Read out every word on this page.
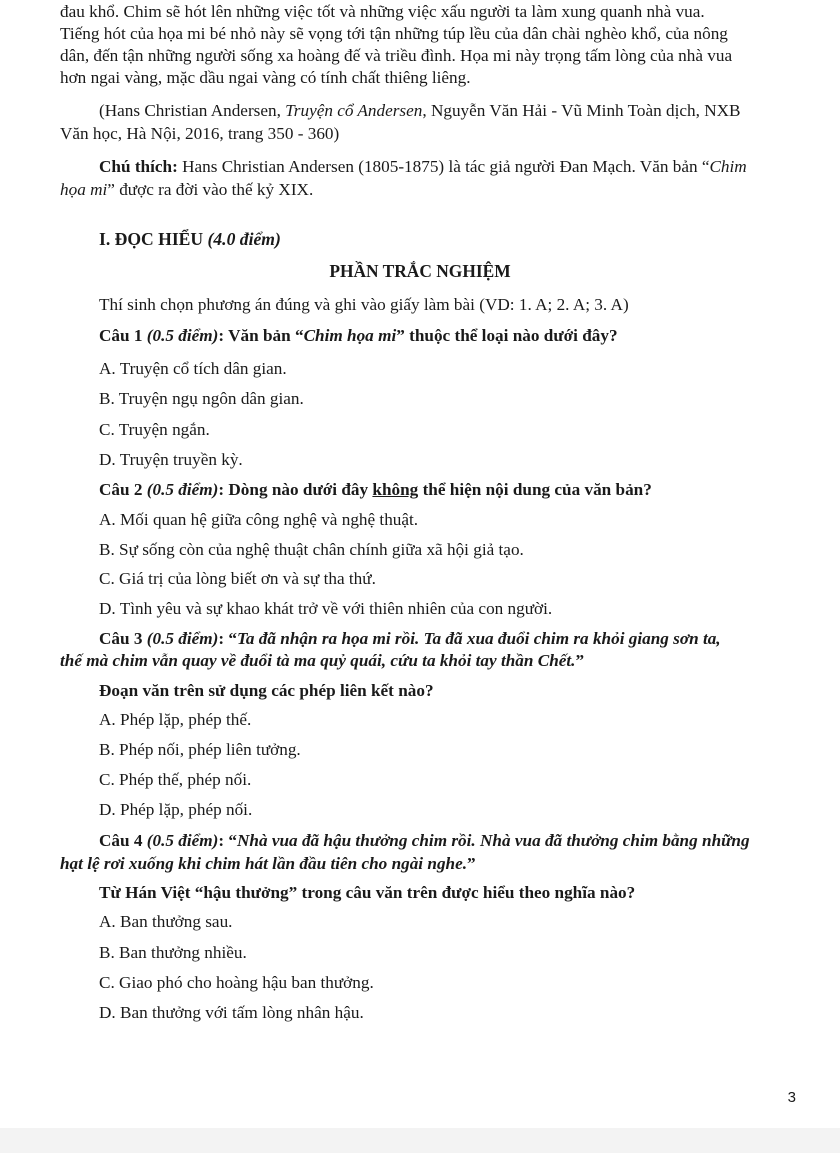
đau khổ. Chim sẽ hót lên những việc tốt và những việc xấu người ta làm xung quanh nhà vua.
Tiếng hót của họa mi bé nhỏ này sẽ vọng tới tận những túp lều của dân chài nghèo khổ, của nông
dân, đến tận những người sống xa hoàng đế và triều đình. Họa mi này trọng tấm lòng của nhà vua
hơn ngai vàng, mặc dầu ngai vàng có tính chất thiêng liêng.
(Hans Christian Andersen, Truyện cổ Andersen, Nguyễn Văn Hải - Vũ Minh Toàn dịch, NXB
Văn học, Hà Nội, 2016, trang 350 - 360)
Chú thích: Hans Christian Andersen (1805-1875) là tác giả người Đan Mạch. Văn bản “Chim
họa mi” được ra đời vào thế kỷ XIX.
I. ĐỌC HIỂU (4.0 điểm)
PHẦN TRẮC NGHIỆM
Thí sinh chọn phương án đúng và ghi vào giấy làm bài (VD: 1. A; 2. A; 3. A)
Câu 1 (0.5 điểm): Văn bản “Chim họa mi” thuộc thể loại nào dưới đây?
A. Truyện cổ tích dân gian.
B. Truyện ngụ ngôn dân gian.
C. Truyện ngắn.
D. Truyện truyền kỳ.
Câu 2 (0.5 điểm): Dòng nào dưới đây không thể hiện nội dung của văn bản?
A. Mối quan hệ giữa công nghệ và nghệ thuật.
B. Sự sống còn của nghệ thuật chân chính giữa xã hội giả tạo.
C. Giá trị của lòng biết ơn và sự tha thứ.
D. Tình yêu và sự khao khát trở về với thiên nhiên của con người.
Câu 3 (0.5 điểm): “Ta đã nhận ra họa mi rồi. Ta đã xua đuổi chim ra khỏi giang sơn ta,
thế mà chim vẫn quay về đuổi tà ma quỷ quái, cứu ta khỏi tay thần Chết.”
Đoạn văn trên sử dụng các phép liên kết nào?
A. Phép lặp, phép thế.
B. Phép nối, phép liên tưởng.
C. Phép thế, phép nối.
D. Phép lặp, phép nối.
Câu 4 (0.5 điểm): “Nhà vua đã hậu thưởng chim rồi. Nhà vua đã thưởng chim bằng những
hạt lệ rơi xuống khi chim hát lần đầu tiên cho ngài nghe.”
Từ Hán Việt “hậu thưởng” trong câu văn trên được hiểu theo nghĩa nào?
A. Ban thưởng sau.
B. Ban thưởng nhiều.
C. Giao phó cho hoàng hậu ban thưởng.
D. Ban thưởng với tấm lòng nhân hậu.
3
